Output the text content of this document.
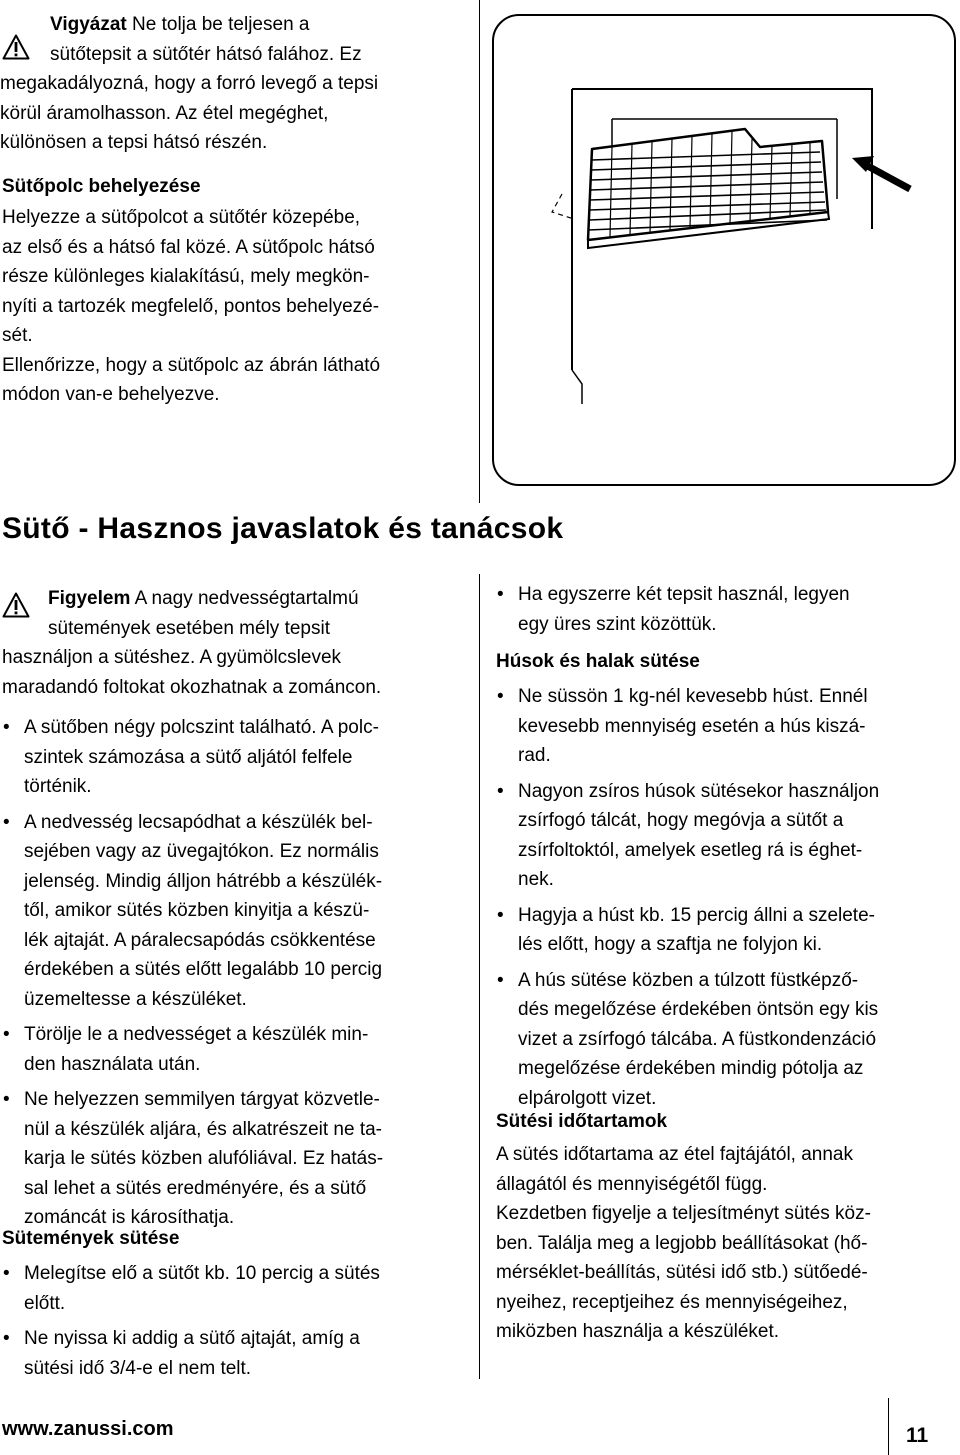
Vigyázat Ne tolja be teljesen a

sütőtepsit a sütőtér hátsó falához. Ez

megakadályozná, hogy a forró levegő a tepsi

körül áramolhasson. Az étel megéghet,

különösen a tepsi hátsó részén.

Sütőpolc behelyezése

Helyezze a sütőpolcot a sütőtér közepébe,

az első és a hátsó fal közé. A sütőpolc hátsó

része különleges kialakítású, mely megkön-

nyíti a tartozék megfelelő, pontos behelyezé-

sét.

Ellenőrizze, hogy a sütőpolc az ábrán látható

módon van-e behelyezve.

Sütő - Hasznos javaslatok és tanácsok

Figyelem A nagy nedvességtartalmú

sütemények esetében mély tepsit

használjon a sütéshez. A gyümölcslevek

maradandó foltokat okozhatnak a zománcon.

• A sütőben négy polcszint található. A polc-

szintek számozása a sütő aljától felfele

történik.

• A nedvesség lecsapódhat a készülék bel-

sejében vagy az üvegajtókon. Ez normális

jelenség. Mindig álljon hátrébb a készülék-

től, amikor sütés közben kinyitja a készü-

lék ajtaját. A páralecsapódás csökkentése

érdekében a sütés előtt legalább 10 percig

üzemeltesse a készüléket.

• Törölje le a nedvességet a készülék min-

den használata után.

• Ne helyezzen semmilyen tárgyat közvetle-

nül a készülék aljára, és alkatrészeit ne ta-

karja le sütés közben alufóliával. Ez hatás-

sal lehet a sütés eredményére, és a sütő

zománcát is károsíthatja.

Sütemények sütése
• Melegítse elő a sütőt kb. 10 percig a sütés

előtt.

• Ne nyissa ki addig a sütő ajtaját, amíg a

sütési idő 3/4-e el nem telt.

• Ha egyszerre két tepsit használ, legyen

egy üres szint közöttük.

Húsok és halak sütése
• Ne süssön 1 kg-nél kevesebb húst. Ennél

kevesebb mennyiség esetén a hús kiszá-

rad.

• Nagyon zsíros húsok sütésekor használjon

zsírfogó tálcát, hogy megóvja a sütőt a

zsírfoltoktól, amelyek esetleg rá is éghet-

nek.

• Hagyja a húst kb. 15 percig állni a szelete-

lés előtt, hogy a szaftja ne folyjon ki.

• A hús sütése közben a túlzott füstképző-

dés megelőzése érdekében öntsön egy kis

vizet a zsírfogó tálcába. A füstkondenzáció

megelőzése érdekében mindig pótolja az

elpárolgott vizet.

Sütési időtartamok

A sütés időtartama az étel fajtájától, annak

állagától és mennyiségétől függ.

Kezdetben figyelje a teljesítményt sütés köz-

ben. Találja meg a legjobb beállításokat (hő-

mérséklet-beállítás, sütési idő stb.) sütőedé-

nyeihez, receptjeihez és mennyiségeihez,

miközben használja a készüléket.

www.zanussi.com	11
